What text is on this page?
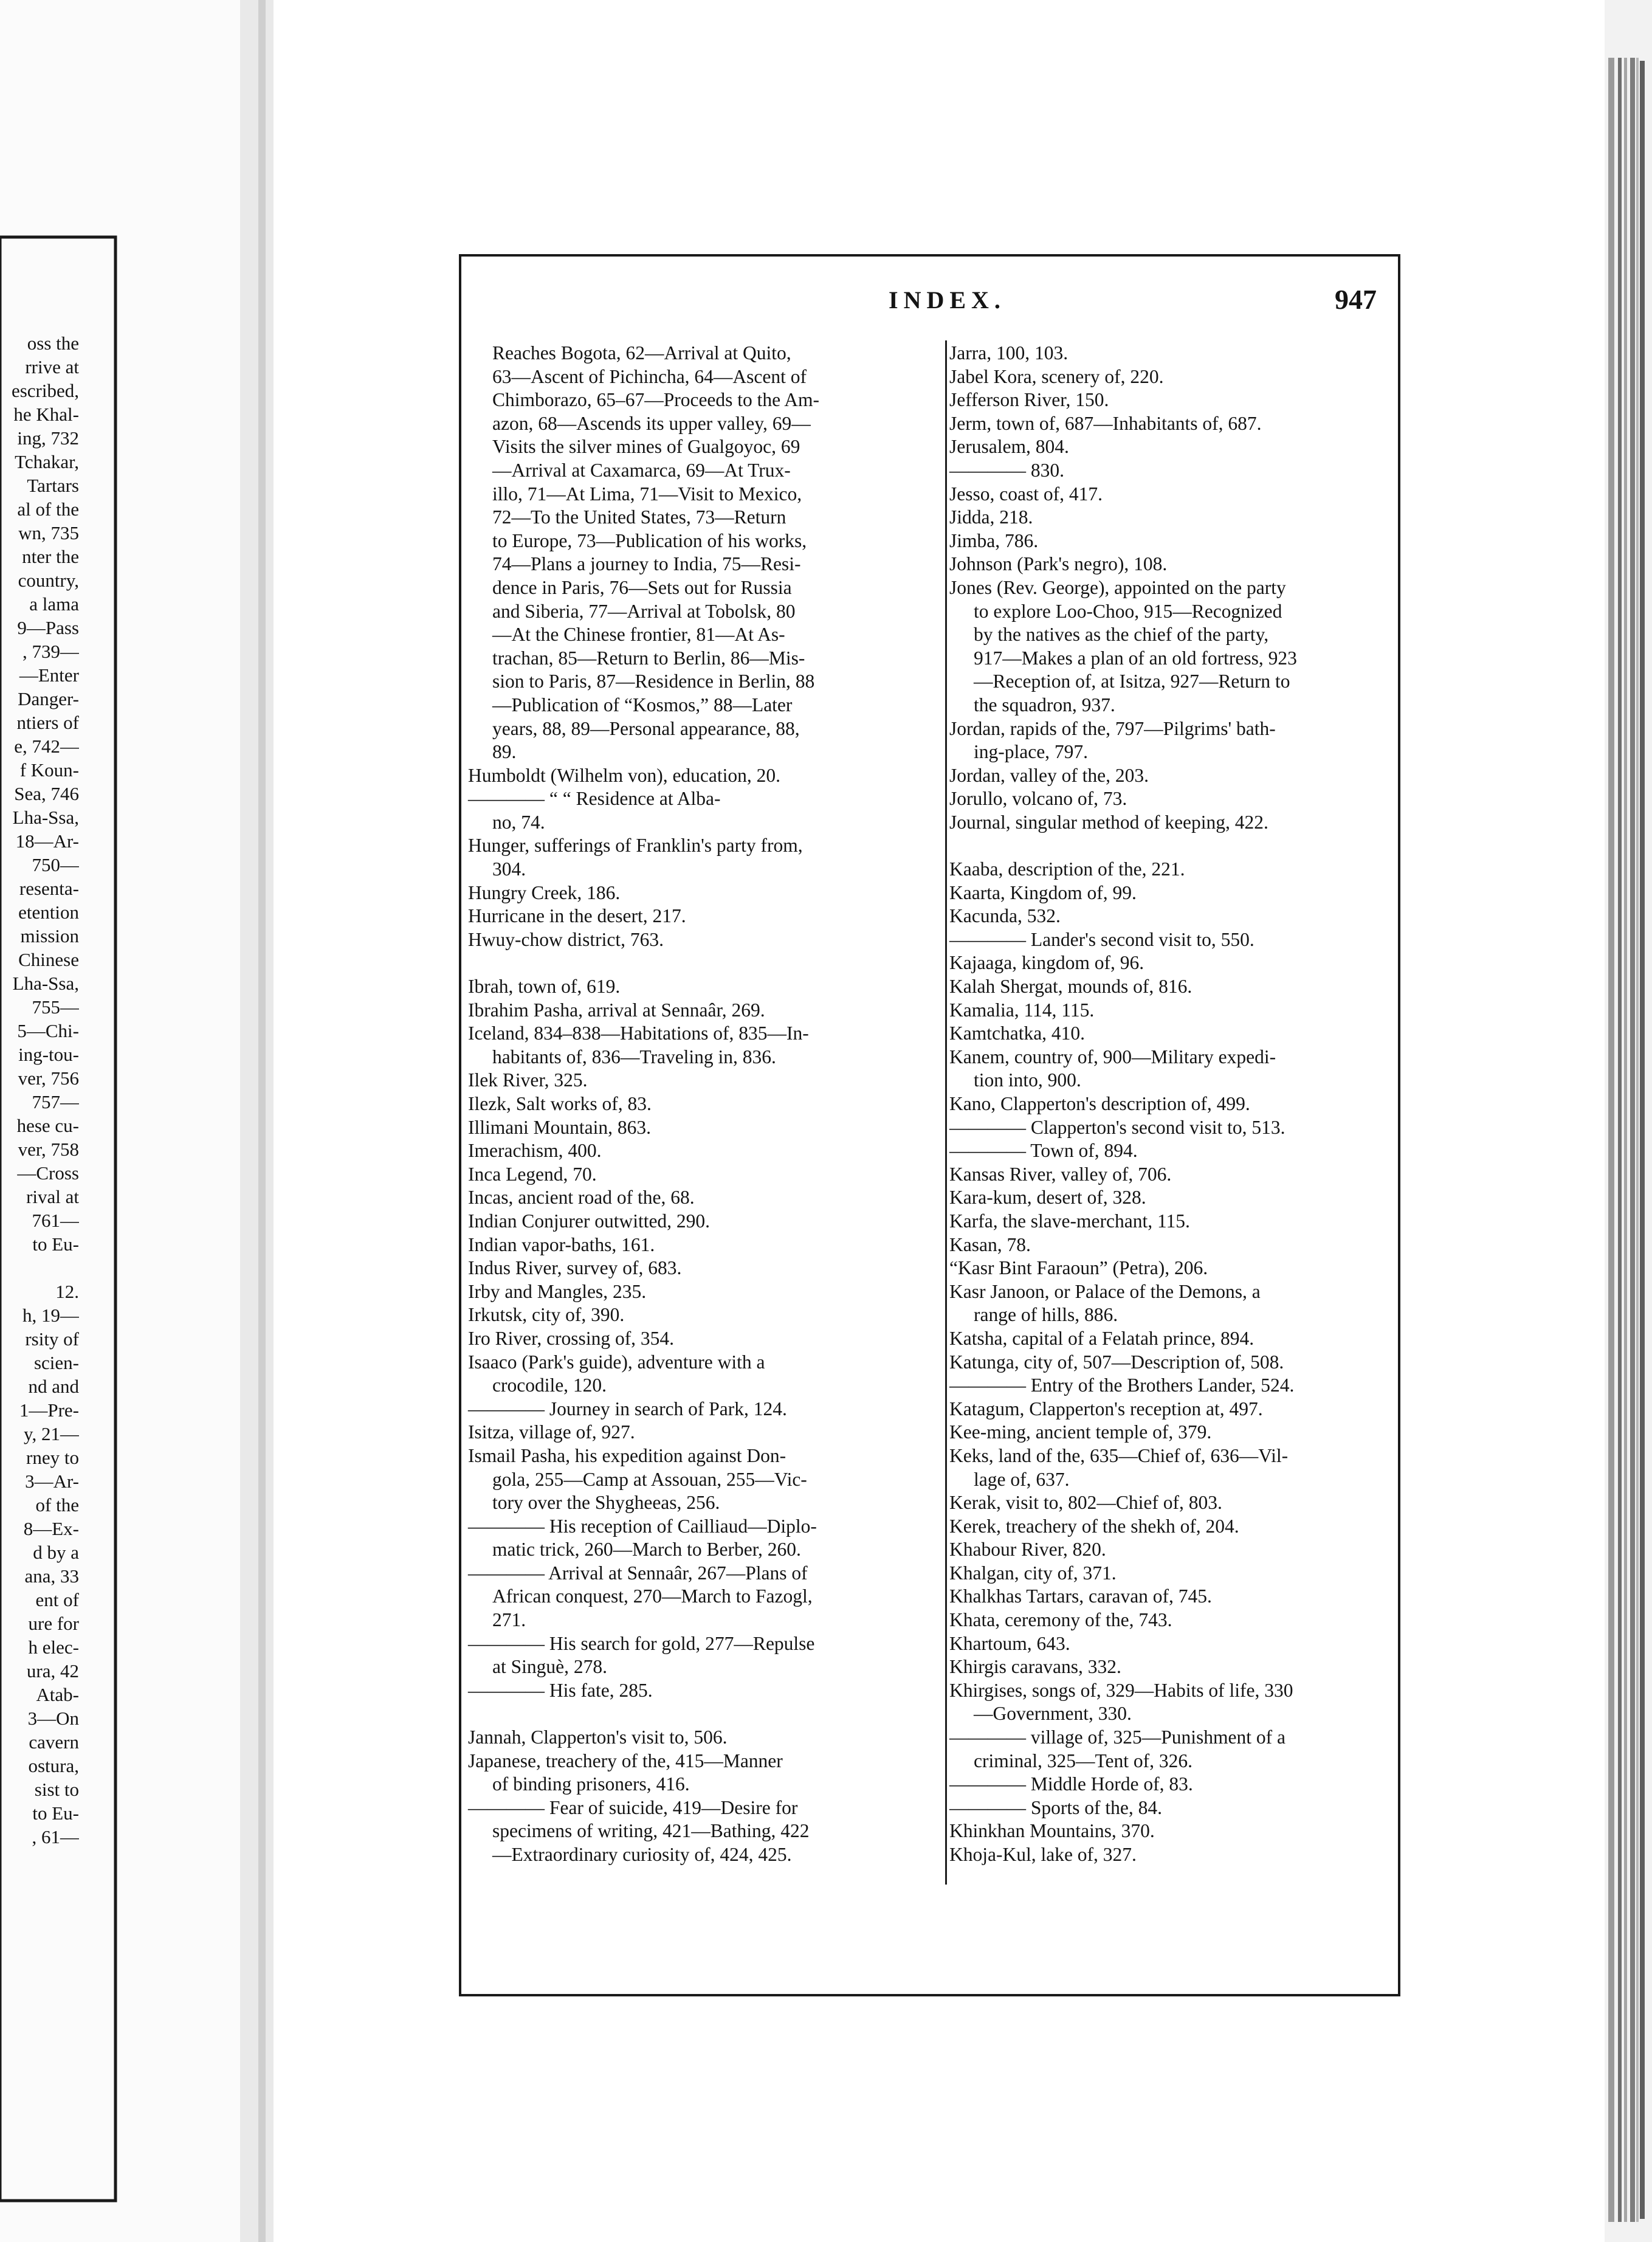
oss the
rrive at
escribed,
he Khal-
ing, 732
Tchakar,
Tartars
al of the
wn, 735
nter the
country,
a lama
9—Pass
, 739—
—Enter
Danger-
ntiers of
e, 742—
f Koun-
Sea, 746
Lha-Ssa,
18—Ar-
750—
resenta-
etention
mission
Chinese
Lha-Ssa,
755—
5—Chi-
ing-tou-
ver, 756
757—
hese cu-
ver, 758
—Cross
rival at
761—
to Eu-
12.
h, 19—
rsity of
scien-
nd and
1—Pre-
y, 21—
rney to
3—Ar-
of the
8—Ex-
d by a
ana, 33
ent of
ure for
h elec-
ura, 42
Atab-
3—On
cavern
ostura,
sist to
to Eu-
, 61—
INDEX.	947
Reaches Bogota, 62—Arrival at Quito,
63—Ascent of Pichincha, 64—Ascent of
Chimborazo, 65–67—Proceeds to the Am-
azon, 68—Ascends its upper valley, 69—
Visits the silver mines of Gualgoyoc, 69
—Arrival at Caxamarca, 69—At Trux-
illo, 71—At Lima, 71—Visit to Mexico,
72—To the United States, 73—Return
to Europe, 73—Publication of his works,
74—Plans a journey to India, 75—Resi-
dence in Paris, 76—Sets out for Russia
and Siberia, 77—Arrival at Tobolsk, 80
—At the Chinese frontier, 81—At As-
trachan, 85—Return to Berlin, 86—Mis-
sion to Paris, 87—Residence in Berlin, 88
—Publication of “Kosmos,” 88—Later
years, 88, 89—Personal appearance, 88,
89.
Humboldt (Wilhelm von), education, 20.
———— “ “ Residence at Alba-
no, 74.
Hunger, sufferings of Franklin's party from,
304.
Hungry Creek, 186.
Hurricane in the desert, 217.
Hwuy-chow district, 763.
Ibrah, town of, 619.
Ibrahim Pasha, arrival at Sennaâr, 269.
Iceland, 834–838—Habitations of, 835—In-
habitants of, 836—Traveling in, 836.
Ilek River, 325.
Ilezk, Salt works of, 83.
Illimani Mountain, 863.
Imerachism, 400.
Inca Legend, 70.
Incas, ancient road of the, 68.
Indian Conjurer outwitted, 290.
Indian vapor-baths, 161.
Indus River, survey of, 683.
Irby and Mangles, 235.
Irkutsk, city of, 390.
Iro River, crossing of, 354.
Isaaco (Park's guide), adventure with a
crocodile, 120.
———— Journey in search of Park, 124.
Isitza, village of, 927.
Ismail Pasha, his expedition against Don-
gola, 255—Camp at Assouan, 255—Vic-
tory over the Shygheeas, 256.
———— His reception of Cailliaud—Diplo-
matic trick, 260—March to Berber, 260.
———— Arrival at Sennaâr, 267—Plans of
African conquest, 270—March to Fazogl,
271.
———— His search for gold, 277—Repulse
at Singuè, 278.
———— His fate, 285.
Jannah, Clapperton's visit to, 506.
Japanese, treachery of the, 415—Manner
of binding prisoners, 416.
———— Fear of suicide, 419—Desire for
specimens of writing, 421—Bathing, 422
—Extraordinary curiosity of, 424, 425.
Jarra, 100, 103.
Jabel Kora, scenery of, 220.
Jefferson River, 150.
Jerm, town of, 687—Inhabitants of, 687.
Jerusalem, 804.
———— 830.
Jesso, coast of, 417.
Jidda, 218.
Jimba, 786.
Johnson (Park's negro), 108.
Jones (Rev. George), appointed on the party
to explore Loo-Choo, 915—Recognized
by the natives as the chief of the party,
917—Makes a plan of an old fortress, 923
—Reception of, at Isitza, 927—Return to
the squadron, 937.
Jordan, rapids of the, 797—Pilgrims' bath-
ing-place, 797.
Jordan, valley of the, 203.
Jorullo, volcano of, 73.
Journal, singular method of keeping, 422.
Kaaba, description of the, 221.
Kaarta, Kingdom of, 99.
Kacunda, 532.
———— Lander's second visit to, 550.
Kajaaga, kingdom of, 96.
Kalah Shergat, mounds of, 816.
Kamalia, 114, 115.
Kamtchatka, 410.
Kanem, country of, 900—Military expedi-
tion into, 900.
Kano, Clapperton's description of, 499.
———— Clapperton's second visit to, 513.
———— Town of, 894.
Kansas River, valley of, 706.
Kara-kum, desert of, 328.
Karfa, the slave-merchant, 115.
Kasan, 78.
“Kasr Bint Faraoun” (Petra), 206.
Kasr Janoon, or Palace of the Demons, a
range of hills, 886.
Katsha, capital of a Felatah prince, 894.
Katunga, city of, 507—Description of, 508.
———— Entry of the Brothers Lander, 524.
Katagum, Clapperton's reception at, 497.
Kee-ming, ancient temple of, 379.
Keks, land of the, 635—Chief of, 636—Vil-
lage of, 637.
Kerak, visit to, 802—Chief of, 803.
Kerek, treachery of the shekh of, 204.
Khabour River, 820.
Khalgan, city of, 371.
Khalkhas Tartars, caravan of, 745.
Khata, ceremony of the, 743.
Khartoum, 643.
Khirgis caravans, 332.
Khirgises, songs of, 329—Habits of life, 330
—Government, 330.
———— village of, 325—Punishment of a
criminal, 325—Tent of, 326.
———— Middle Horde of, 83.
———— Sports of the, 84.
Khinkhan Mountains, 370.
Khoja-Kul, lake of, 327.
